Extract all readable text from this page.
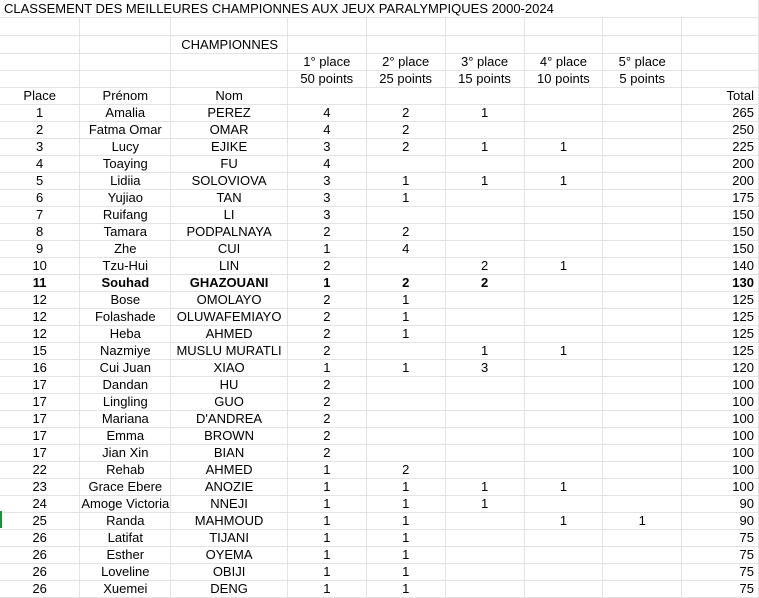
CLASSEMENT DES MEILLEURES CHAMPIONNES AUX JEUX PARALYMPIQUES 2000-2024								

		CHAMPIONNES						
			1° place	2° place	3° place	4° place	5° place	
			50 points	25 points	15 points	10 points	5 points	
Place	Prénom	Nom						Total
1	Amalia	PEREZ	4	2	1			265
2	Fatma Omar	OMAR	4	2				250
3	Lucy	EJIKE	3	2	1	1		225
4	Toaying	FU	4					200
5	Lidiia	SOLOVIOVA	3	1	1	1		200
6	Yujiao	TAN	3	1				175
7	Ruifang	LI	3					150
8	Tamara	PODPALNAYA	2	2				150
9	Zhe	CUI	1	4				150
10	Tzu-Hui	LIN	2		2	1		140
11	Souhad	GHAZOUANI	1	2	2			130
12	Bose	OMOLAYO	2	1				125
12	Folashade	OLUWAFEMIAYO	2	1				125
12	Heba	AHMED	2	1				125
15	Nazmiye	MUSLU MURATLI	2		1	1		125
16	Cui Juan	XIAO	1	1	3			120
17	Dandan	HU	2					100
17	Lingling	GUO	2					100
17	Mariana	D'ANDREA	2					100
17	Emma	BROWN	2					100
17	Jian Xin	BIAN	2					100
22	Rehab	AHMED	1	2				100
23	Grace Ebere	ANOZIE	1	1	1	1		100
24	Amoge Victoria	NNEJI	1	1	1			90
25	Randa	MAHMOUD	1	1		1	1	90
26	Latifat	TIJANI	1	1				75
26	Esther	OYEMA	1	1				75
26	Loveline	OBIJI	1	1				75
26	Xuemei	DENG	1	1				75
